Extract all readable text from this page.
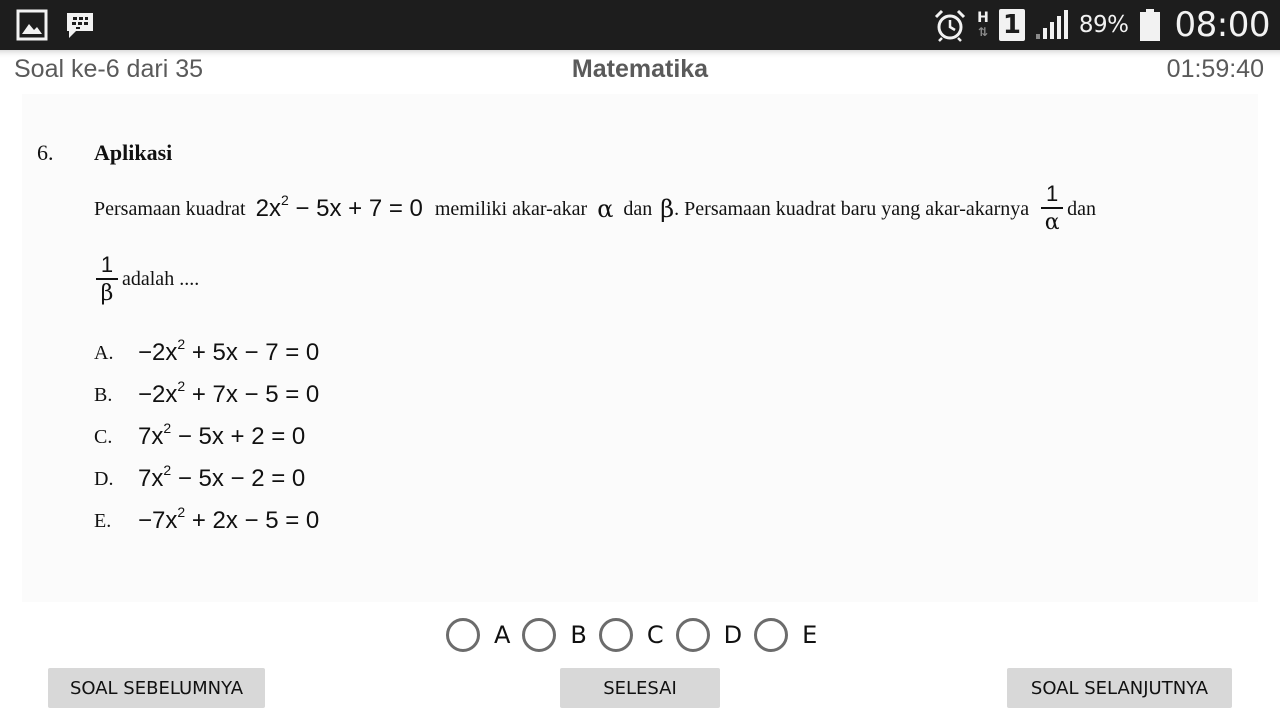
H
⇅ 1	89% 08:00
Soal ke-6 dari 35	Matematika	01:59:40
6. Aplikasi
Persamaan kuadrat $2x^2 - 5x + 7 = 0$ memiliki akar-akar α dan β . Persamaan kuadrat baru yang akar-akarnya $\frac{1}{\alpha}$ dan
$\frac{1}{\beta}$ adalah ....
A.	$-2x^2 + 5x - 7 = 0$
B.	$-2x^2 + 7x - 5 = 0$
C.	$7x^2 - 5x + 2 = 0$
D.	$7x^2 - 5x - 2 = 0$
E.	$-7x^2 + 2x - 5 = 0$
A	B	C	D	E
SOAL SEBELUMNYA	SELESAI	SOAL SELANJUTNYA
